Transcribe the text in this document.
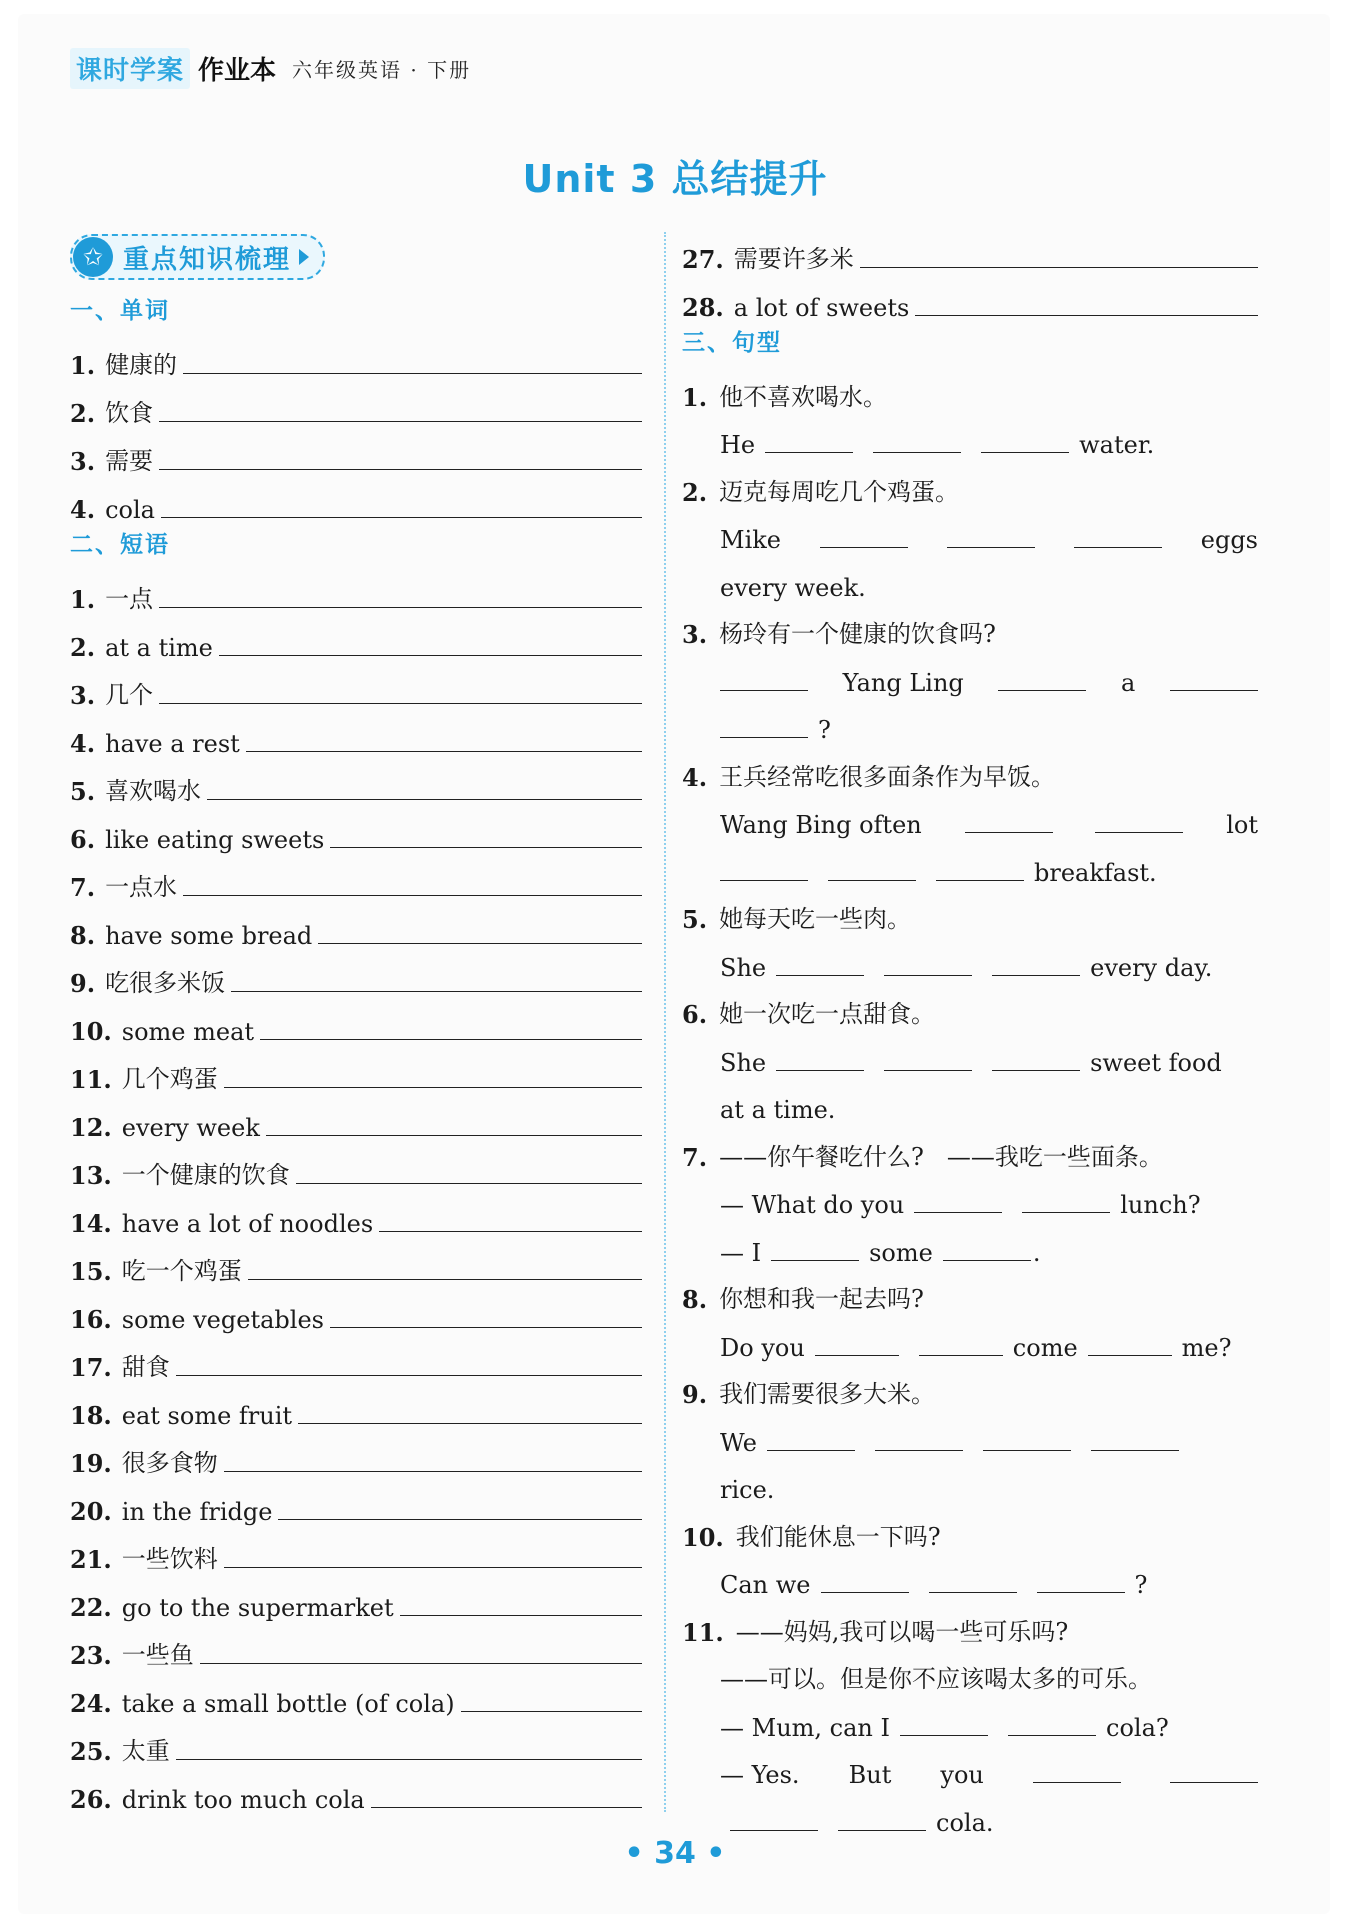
课时学案 作业本 六年级英语 · 下册
Unit 3 总结提升
✩ 重点知识梳理
一、单词
1. 健康的
2. 饮食
3. 需要
4. cola
二、短语
1. 一点
2. at a time
3. 几个
4. have a rest
5. 喜欢喝水
6. like eating sweets
7. 一点水
8. have some bread
9. 吃很多米饭
10. some meat
11. 几个鸡蛋
12. every week
13. 一个健康的饮食
14. have a lot of noodles
15. 吃一个鸡蛋
16. some vegetables
17. 甜食
18. eat some fruit
19. 很多食物
20. in the fridge
21. 一些饮料
22. go to the supermarket
23. 一些鱼
24. take a small bottle (of cola)
25. 太重
26. drink too much cola
27. 需要许多米
28. a lot of sweets
三、句型
1. 他不喜欢喝水。
He	water.
2. 迈克每周吃几个鸡蛋。
Mike	eggs
every week.
3. 杨玲有一个健康的饮食吗?
Yang Ling	a
?
4. 王兵经常吃很多面条作为早饭。
Wang Bing often	lot
breakfast.
5. 她每天吃一些肉。
She	every day.
6. 她一次吃一点甜食。
She	sweet food
at a time.
7. ——你午餐吃什么?   ——我吃一些面条。
— What do you	lunch?
— I	some	.
8. 你想和我一起去吗?
Do you	come	me?
9. 我们需要很多大米。
We
rice.
10. 我们能休息一下吗?
Can we	?
11. ——妈妈,我可以喝一些可乐吗?
——可以。但是你不应该喝太多的可乐。
— Mum, can I	cola?
— Yes. But you
cola.
• 34 •
